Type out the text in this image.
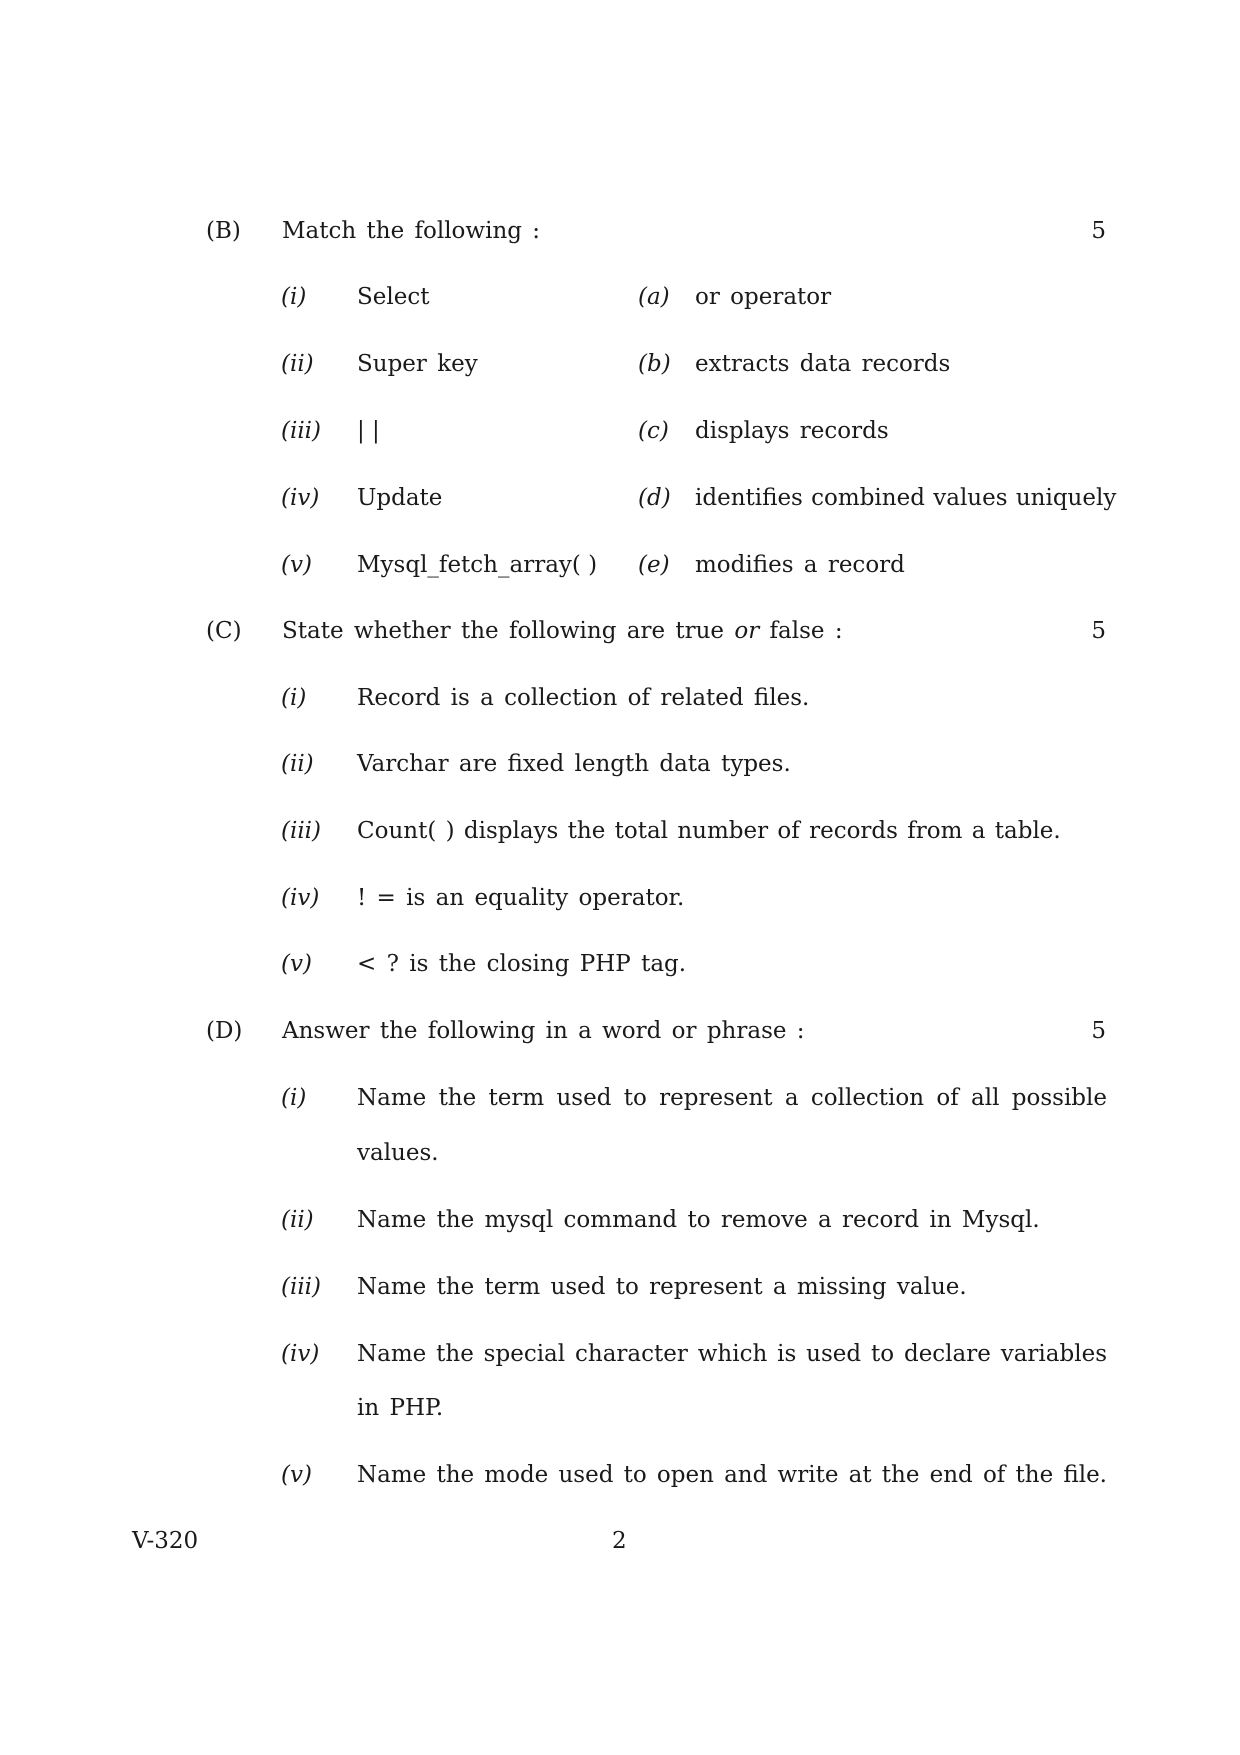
(B) Match the following :	5
(i) Select	(a) or operator
(ii) Super key	(b) extracts data records
(iii) | |	(c) displays records
(iv) Update	(d) identifies combined values uniquely
(v) Mysql_fetch_array( ) (e) modifies a record
(C) State whether the following are true or false :	5
(i) Record is a collection of related files.
(ii) Varchar are fixed length data types.
(iii) Count( ) displays the total number of records from a table.
(iv) ! = is an equality operator.
(v) < ? is the closing PHP tag.
(D) Answer the following in a word or phrase :	5
(i) Name the term used to represent a collection of all possible
values.
(ii) Name the mysql command to remove a record in Mysql.
(iii) Name the term used to represent a missing value.
(iv) Name the special character which is used to declare variables
in PHP.
(v) Name the mode used to open and write at the end of the file.
V-320	2
